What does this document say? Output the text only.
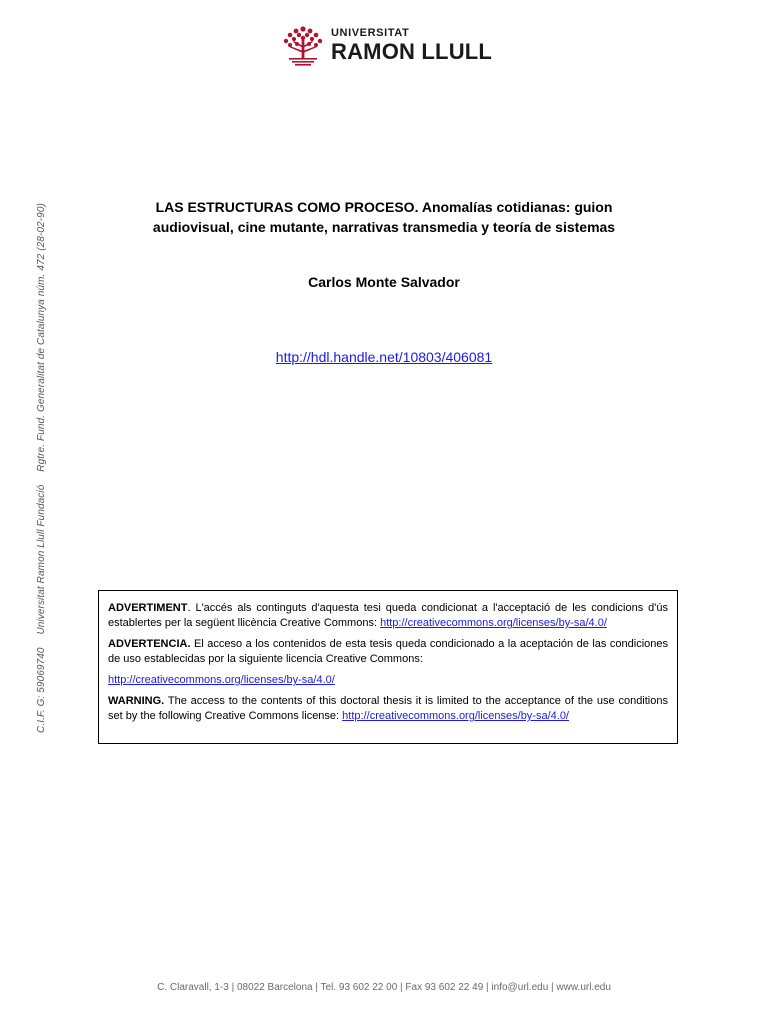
UNIVERSITAT
RAMON LLULL
C.I.F. G: 59069740 Universitat Ramon Llull Fundació Rgtre. Fund. Generalitat de Catalunya núm. 472 (28-02-90)	LAS ESTRUCTURAS COMO PROCESO. Anomalías cotidianas: guion
audiovisual, cine mutante, narrativas transmedia y teoría de sistemas
Carlos Monte Salvador
http://hdl.handle.net/10803/406081

ADVERTIMENT. L'accés als continguts d'aquesta tesi queda condicionat a l'acceptació de les condicions d'ús establertes per la següent llicència Creative Commons: http://creativecommons.org/licenses/by-sa/4.0/

ADVERTENCIA. El acceso a los contenidos de esta tesis queda condicionado a la aceptación de las condiciones de uso establecidas por la siguiente licencia Creative Commons:

http://creativecommons.org/licenses/by-sa/4.0/

WARNING. The access to the contents of this doctoral thesis it is limited to the acceptance of the use conditions set by the following Creative Commons license: http://creativecommons.org/licenses/by-sa/4.0/

C. Claravall, 1-3 | 08022 Barcelona | Tel. 93 602 22 00 | Fax 93 602 22 49 | info@url.edu | www.url.edu
